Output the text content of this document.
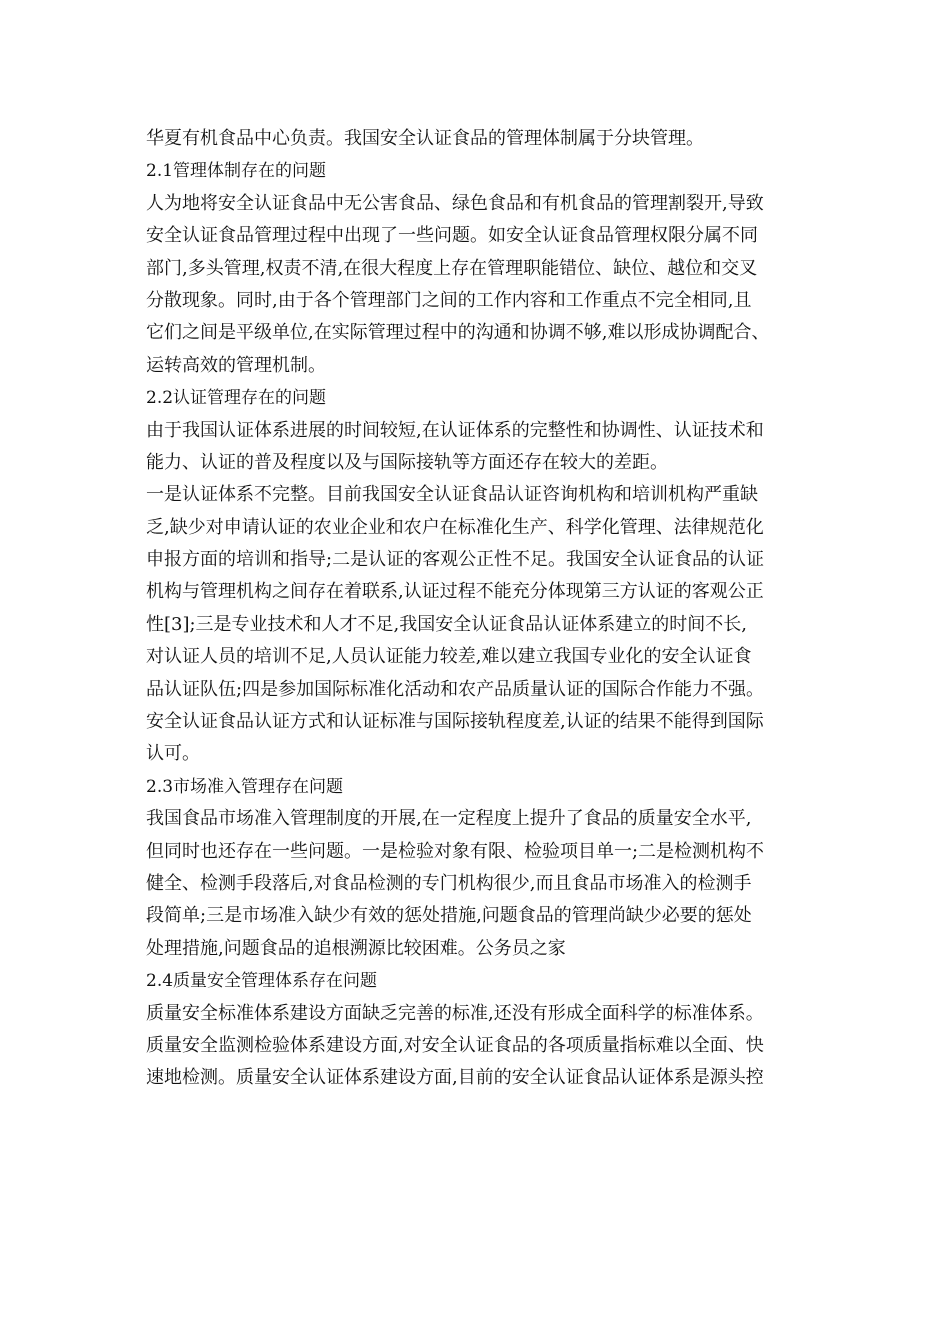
华夏有机食品中心负责。我国安全认证食品的管理体制属于分块管理。
2.1管理体制存在的问题
人为地将安全认证食品中无公害食品、绿色食品和有机食品的管理割裂开,导致
安全认证食品管理过程中出现了一些问题。如安全认证食品管理权限分属不同
部门,多头管理,权责不清,在很大程度上存在管理职能错位、缺位、越位和交叉
分散现象。同时,由于各个管理部门之间的工作内容和工作重点不完全相同,且
它们之间是平级单位,在实际管理过程中的沟通和协调不够,难以形成协调配合、
运转高效的管理机制。
2.2认证管理存在的问题
由于我国认证体系进展的时间较短,在认证体系的完整性和协调性、认证技术和
能力、认证的普及程度以及与国际接轨等方面还存在较大的差距。
一是认证体系不完整。目前我国安全认证食品认证咨询机构和培训机构严重缺
乏,缺少对申请认证的农业企业和农户在标准化生产、科学化管理、法律规范化
申报方面的培训和指导;二是认证的客观公正性不足。我国安全认证食品的认证
机构与管理机构之间存在着联系,认证过程不能充分体现第三方认证的客观公正
性[3];三是专业技术和人才不足,我国安全认证食品认证体系建立的时间不长,
对认证人员的培训不足,人员认证能力较差,难以建立我国专业化的安全认证食
品认证队伍;四是参加国际标准化活动和农产品质量认证的国际合作能力不强。
安全认证食品认证方式和认证标准与国际接轨程度差,认证的结果不能得到国际
认可。
2.3市场准入管理存在问题
我国食品市场准入管理制度的开展,在一定程度上提升了食品的质量安全水平,
但同时也还存在一些问题。一是检验对象有限、检验项目单一;二是检测机构不
健全、检测手段落后,对食品检测的专门机构很少,而且食品市场准入的检测手
段简单;三是市场准入缺少有效的惩处措施,问题食品的管理尚缺少必要的惩处
处理措施,问题食品的追根溯源比较困难。公务员之家
2.4质量安全管理体系存在问题
质量安全标准体系建设方面缺乏完善的标准,还没有形成全面科学的标准体系。
质量安全监测检验体系建设方面,对安全认证食品的各项质量指标难以全面、快
速地检测。质量安全认证体系建设方面,目前的安全认证食品认证体系是源头控
